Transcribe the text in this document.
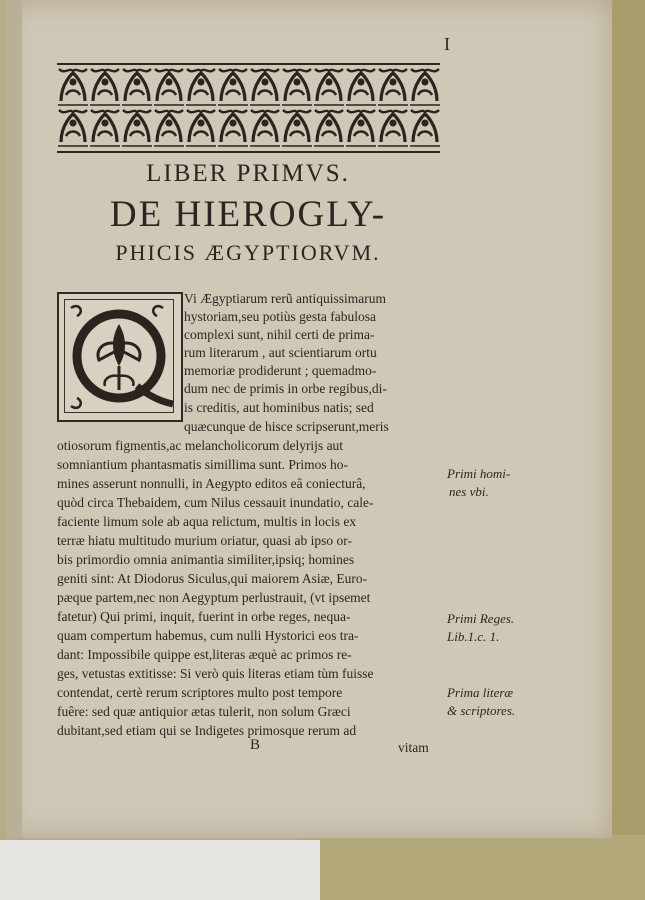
I
LIBER PRIMVS.
DE HIEROGLY-
PHICIS ÆGYPTIORVM.
Vi Ægyptiarum rerũ antiquissimarum
hystoriam,seu potiùs gesta fabulosa
complexi sunt, nihil certi de prima-
rum literarum , aut scientiarum ortu
memoriæ prodiderunt ; quemadmo-
dum nec de primis in orbe regibus,di-
is creditis, aut hominibus natis; sed
quæcunque de hisce scripserunt,meris
otiosorum figmentis,ac melancholicorum delyrijs aut
somniantium phantasmatis simillima sunt. Primos ho-
mines asserunt nonnulli, in Aegypto editos eâ coniecturâ,
quòd circa Thebaidem, cum Nilus cessauit inundatio, cale-
faciente limum sole ab aqua relictum, multis in locis ex
terræ hiatu multitudo murium oriatur, quasi ab ipso or-
bis primordio omnia animantia similiter,ipsiq; homines
geniti sint: At Diodorus Siculus,qui maiorem Asiæ, Euro-
pæque partem,nec non Aegyptum perlustrauit, (vt ipsemet
fatetur) Qui primi, inquit, fuerint in orbe reges, nequa-
quam compertum habemus, cum nulli Hystorici eos tra-
dant: Impossibile quippe est,literas æquè ac primos re-
ges, vetustas extitisse: Si verò quis literas etiam tùm fuisse
contendat, certè rerum scriptores multo post tempore
fuêre: sed quæ antiquior ætas tulerit, non solum Græci
dubitant,sed etiam qui se Indigetes primosque rerum ad
Primi homi-
nes vbi.
Primi Reges.
Lib.1.c. 1.
Prima literæ
& scriptores.
B	vitam
